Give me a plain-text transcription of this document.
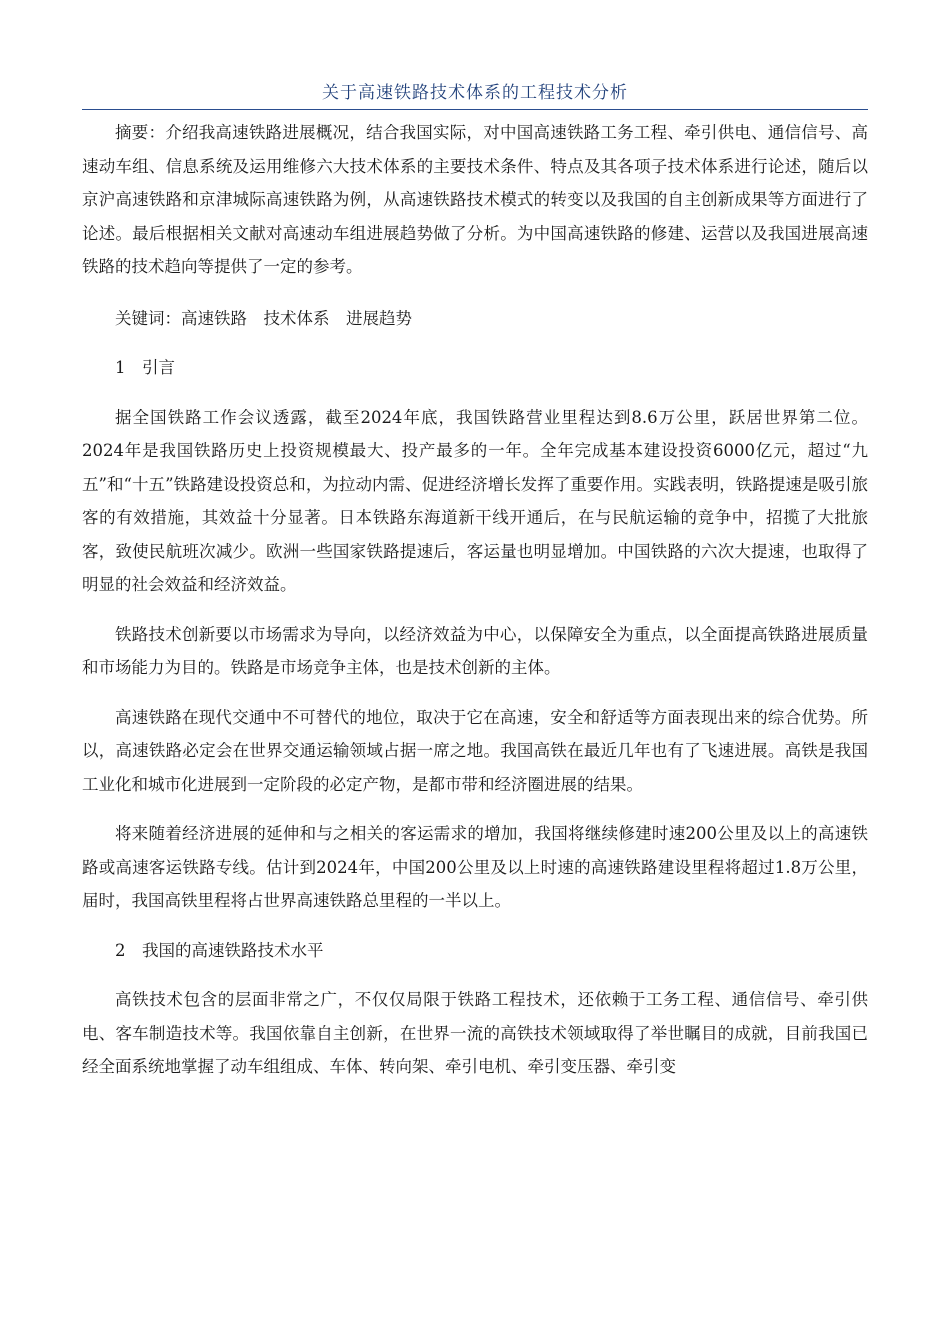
关于高速铁路技术体系的工程技术分析

摘要：介绍我高速铁路进展概况，结合我国实际，对中国高速铁路工务工程、牵引供电、通信信号、高速动车组、信息系统及运用维修六大技术体系的主要技术条件、特点及其各项子技术体系进行论述，随后以京沪高速铁路和京津城际高速铁路为例，从高速铁路技术模式的转变以及我国的自主创新成果等方面进行了论述。最后根据相关文献对高速动车组进展趋势做了分析。为中国高速铁路的修建、运营以及我国进展高速铁路的技术趋向等提供了一定的参考。

关键词：高速铁路　技术体系　进展趋势

1　引言

据全国铁路工作会议透露，截至2024年底，我国铁路营业里程达到8.6万公里，跃居世界第二位。2024年是我国铁路历史上投资规模最大、投产最多的一年。全年完成基本建设投资6000亿元，超过“九五”和“十五”铁路建设投资总和，为拉动内需、促进经济增长发挥了重要作用。实践表明，铁路提速是吸引旅客的有效措施，其效益十分显著。日本铁路东海道新干线开通后，在与民航运输的竞争中，招揽了大批旅客，致使民航班次减少。欧洲一些国家铁路提速后，客运量也明显增加。中国铁路的六次大提速，也取得了明显的社会效益和经济效益。

铁路技术创新要以市场需求为导向，以经济效益为中心，以保障安全为重点，以全面提高铁路进展质量和市场能力为目的。铁路是市场竞争主体，也是技术创新的主体。

高速铁路在现代交通中不可替代的地位，取决于它在高速，安全和舒适等方面表现出来的综合优势。所以，高速铁路必定会在世界交通运输领域占据一席之地。我国高铁在最近几年也有了飞速进展。高铁是我国工业化和城市化进展到一定阶段的必定产物，是都市带和经济圈进展的结果。

将来随着经济进展的延伸和与之相关的客运需求的增加，我国将继续修建时速200公里及以上的高速铁路或高速客运铁路专线。估计到2024年，中国200公里及以上时速的高速铁路建设里程将超过1.8万公里，届时，我国高铁里程将占世界高速铁路总里程的一半以上。

2　我国的高速铁路技术水平

高铁技术包含的层面非常之广，不仅仅局限于铁路工程技术，还依赖于工务工程、通信信号、牵引供电、客车制造技术等。我国依靠自主创新，在世界一流的高铁技术领域取得了举世瞩目的成就，目前我国已经全面系统地掌握了动车组组成、车体、转向架、牵引电机、牵引变压器、牵引变
